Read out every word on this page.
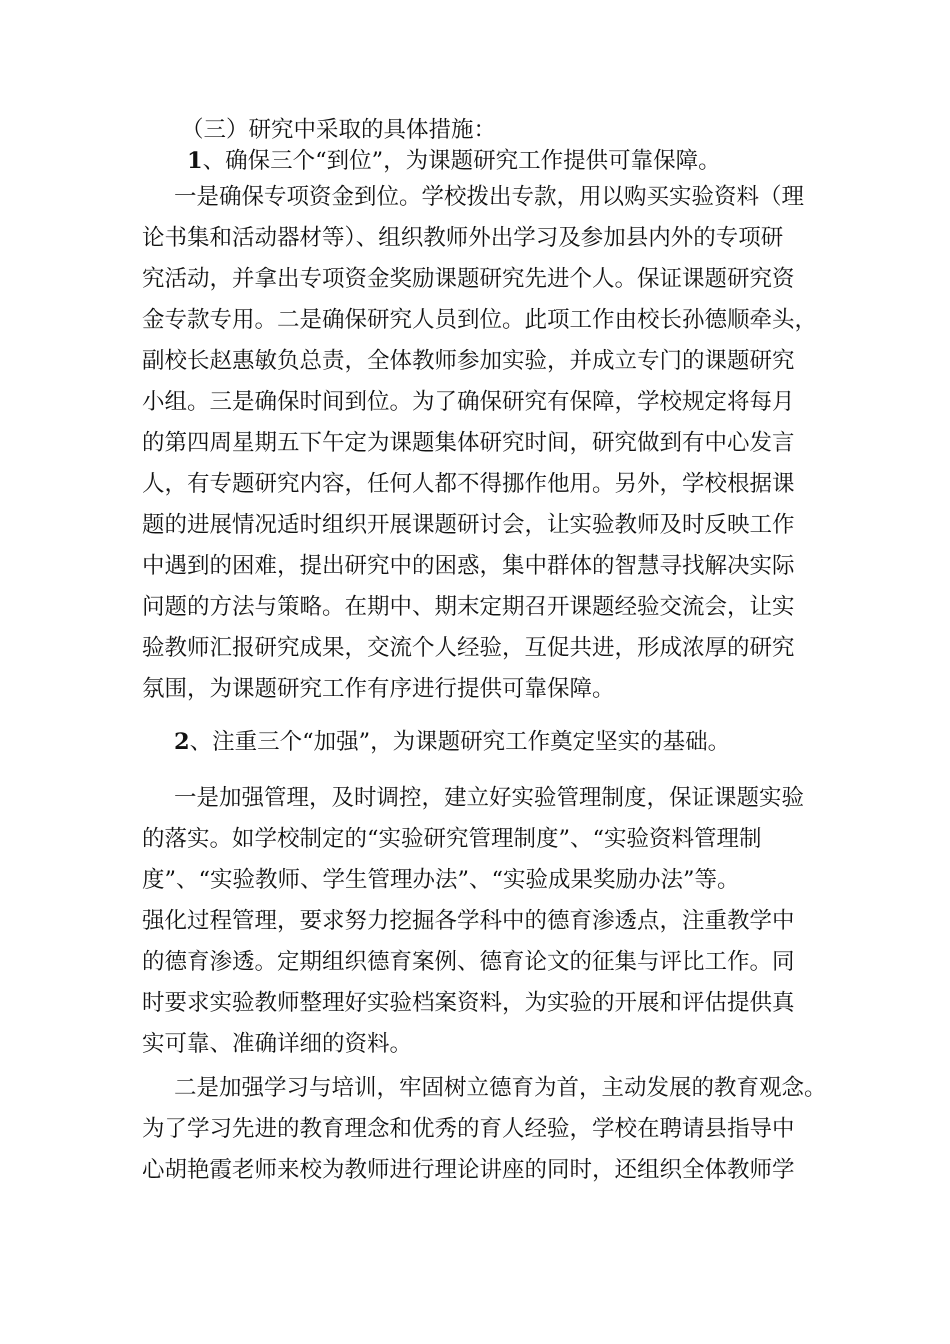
（三）研究中采取的具体措施：
1、确保三个“到位”，为课题研究工作提供可靠保障。
一是确保专项资金到位。学校拨出专款，用以购买实验资料（理
论书集和活动器材等）、组织教师外出学习及参加县内外的专项研
究活动，并拿出专项资金奖励课题研究先进个人。保证课题研究资
金专款专用。二是确保研究人员到位。此项工作由校长孙德顺牵头，
副校长赵惠敏负总责，全体教师参加实验，并成立专门的课题研究
小组。三是确保时间到位。为了确保研究有保障，学校规定将每月
的第四周星期五下午定为课题集体研究时间，研究做到有中心发言
人，有专题研究内容，任何人都不得挪作他用。另外，学校根据课
题的进展情况适时组织开展课题研讨会，让实验教师及时反映工作
中遇到的困难，提出研究中的困惑，集中群体的智慧寻找解决实际
问题的方法与策略。在期中、期末定期召开课题经验交流会，让实
验教师汇报研究成果，交流个人经验，互促共进，形成浓厚的研究
氛围，为课题研究工作有序进行提供可靠保障。
2、注重三个“加强”，为课题研究工作奠定坚实的基础。
一是加强管理，及时调控，建立好实验管理制度，保证课题实验
的落实。如学校制定的“实验研究管理制度”、“实验资料管理制
度”、“实验教师、学生管理办法”、“实验成果奖励办法”等。
强化过程管理，要求努力挖掘各学科中的德育渗透点，注重教学中
的德育渗透。定期组织德育案例、德育论文的征集与评比工作。同
时要求实验教师整理好实验档案资料，为实验的开展和评估提供真
实可靠、准确详细的资料。
二是加强学习与培训，牢固树立德育为首，主动发展的教育观念。
为了学习先进的教育理念和优秀的育人经验，学校在聘请县指导中
心胡艳霞老师来校为教师进行理论讲座的同时，还组织全体教师学
